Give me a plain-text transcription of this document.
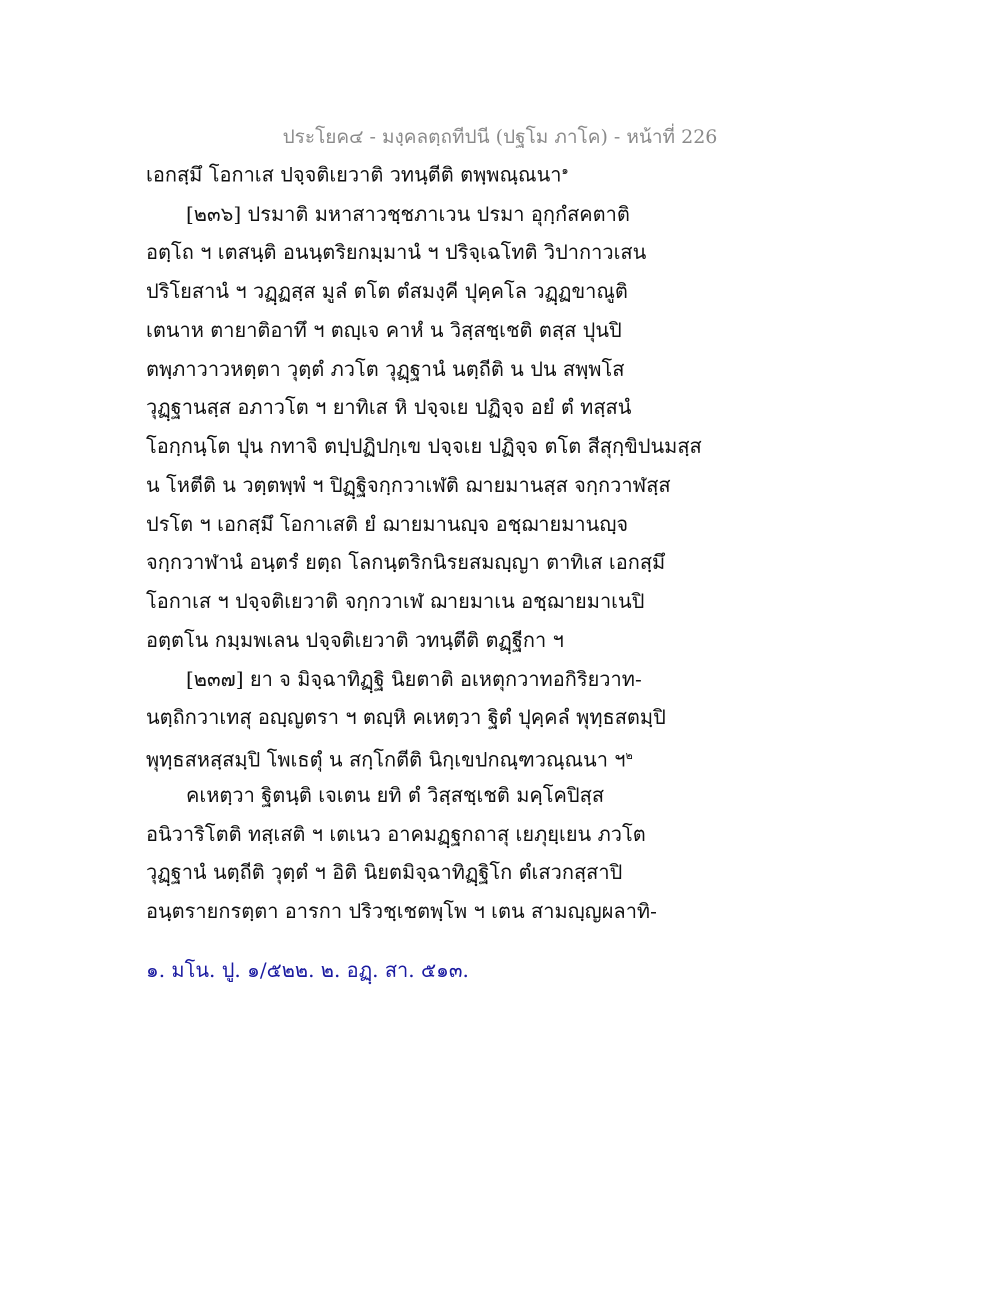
ประโยค๔ - มงฺคลตฺถทีปนี (ปฐโม ภาโค) - หน้าที่ 226
เอกสฺมึ โอกาเส ปจฺจติเยวาติ วทนฺตีติ ตพฺพณฺณนา$^๑$
[๒๓๖] ปรมาติ มหาสาวชฺชภาเวน ปรมา อุกฺกํสคตาติ
อตฺโถ ฯ เตสนฺติ อนนฺตริยกมฺมานํ ฯ ปริจฺเฉโทติ วิปากาวเสน
ปริโยสานํ ฯ วฏฺฏสฺส มูลํ ตโต ตํสมงฺคี ปุคฺคโล วฏฺฏขาณูติ
เตนาห ตายาติอาทึ ฯ ตญฺเจ คาหํ น วิสฺสชฺเชติ ตสฺส ปุนปิ
ตพฺภาวาวหตฺตา วุตฺตํ ภวโต วุฏฺฐานํ นตฺถีติ น ปน สพฺพโส
วุฏฺฐานสฺส อภาวโต ฯ ยาทิเส หิ ปจฺจเย ปฏิจฺจ อยํ ตํ ทสฺสนํ
โอกฺกนฺโต ปุน กทาจิ ตปฺปฏิปกฺเข ปจฺจเย ปฏิจฺจ ตโต สีสุกฺขิปนมสฺส
น โหตีติ น วตฺตพฺพํ ฯ ปิฏฺฐิจกฺกวาเฬติ ฌายมานสฺส จกฺกวาฬสฺส
ปรโต ฯ เอกสฺมึ โอกาเสติ ยํ ฌายมานญฺจ อชฺฌายมานญฺจ
จกฺกวาฬานํ อนฺตรํ ยตฺถ โลกนฺตริกนิรยสมญฺญา ตาทิเส เอกสฺมึ
โอกาเส ฯ ปจฺจติเยวาติ จกฺกวาเฬ ฌายมาเน อชฺฌายมาเนปิ
อตฺตโน กมฺมพเลน ปจฺจติเยวาติ วทนฺตีติ ตฏฺฐีกา ฯ
[๒๓๗] ยา จ มิจฺฉาทิฏฺฐิ นิยตาติ อเหตุกวาทอกิริยวาท-
นตฺถิกวาเทสุ อญฺญตรา ฯ ตญฺหิ คเหตฺวา ฐิตํ ปุคฺคลํ พุทฺธสตมฺปิ
พุทฺธสหสฺสมฺปิ โพเธตุํ น สกฺโกตีติ นิกฺเขปกณฺฑวณฺณนา ฯ$^๒$
คเหตฺวา ฐิตนฺติ เจเตน ยทิ ตํ วิสฺสชฺเชติ มคฺโคปิสฺส
อนิวาริโตติ ทสฺเสติ ฯ เตเนว อาคมฏฺฐกถาสุ เยภุยฺเยน ภวโต
วุฏฺฐานํ นตฺถีติ วุตฺตํ ฯ อิติ นิยตมิจฺฉาทิฏฺฐิโก ตํเสวกสฺสาปิ
อนฺตรายกรตฺตา อารกา ปริวชฺเชตพฺโพ ฯ เตน สามญฺญผลาทิ-
๑. มโน. ปู. ๑/๕๒๒. ๒. อฏฺ. สา. ๕๑๓.
